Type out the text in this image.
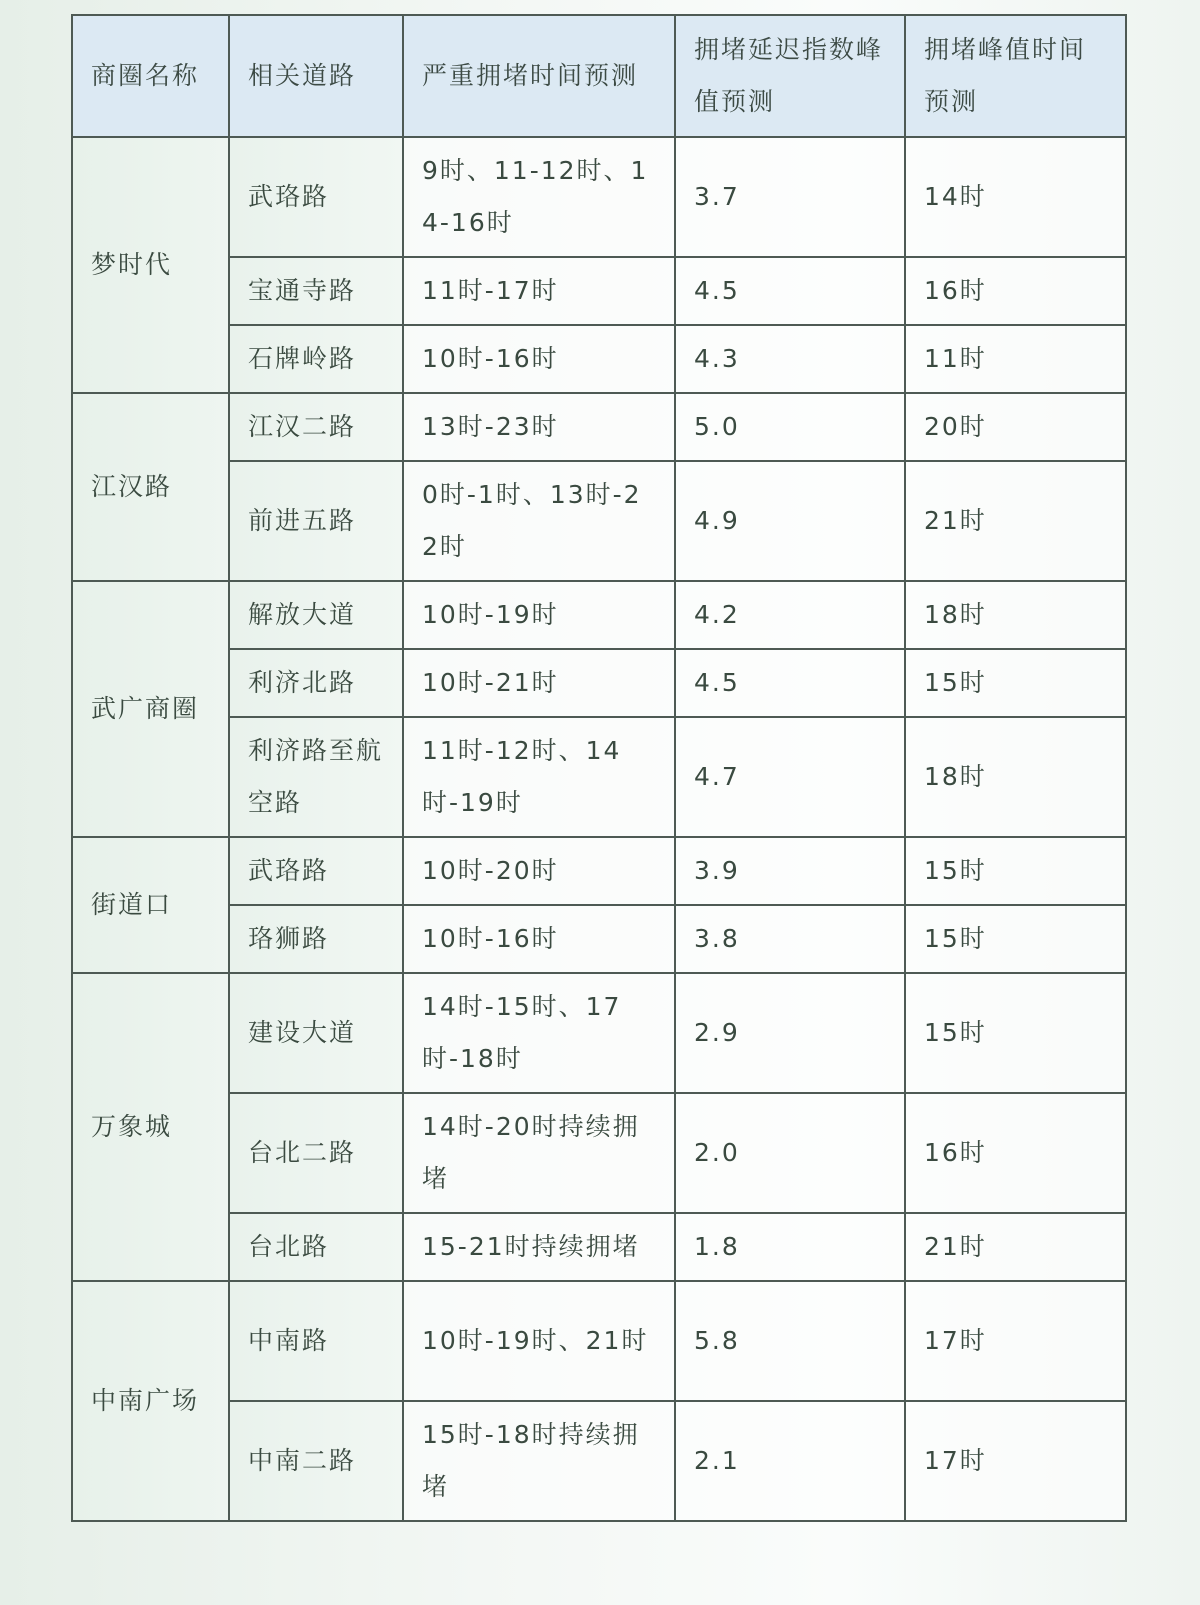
商圈名称	相关道路	严重拥堵时间预测	拥堵延迟指数峰值预测	拥堵峰值时间预测
梦时代	武珞路	9时、11-12时、14-16时	3.7	14时
	宝通寺路	11时-17时	4.5	16时
	石牌岭路	10时-16时	4.3	11时
江汉路	江汉二路	13时-23时	5.0	20时
	前进五路	0时-1时、13时-22时	4.9	21时
武广商圈	解放大道	10时-19时	4.2	18时
	利济北路	10时-21时	4.5	15时
	利济路至航空路	11时-12时、14时-19时	4.7	18时
街道口	武珞路	10时-20时	3.9	15时
	珞狮路	10时-16时	3.8	15时
万象城	建设大道	14时-15时、17时-18时	2.9	15时
	台北二路	14时-20时持续拥堵	2.0	16时
	台北路	15-21时持续拥堵	1.8	21时
中南广场	中南路	10时-19时、21时	5.8	17时
	中南二路	15时-18时持续拥堵	2.1	17时
